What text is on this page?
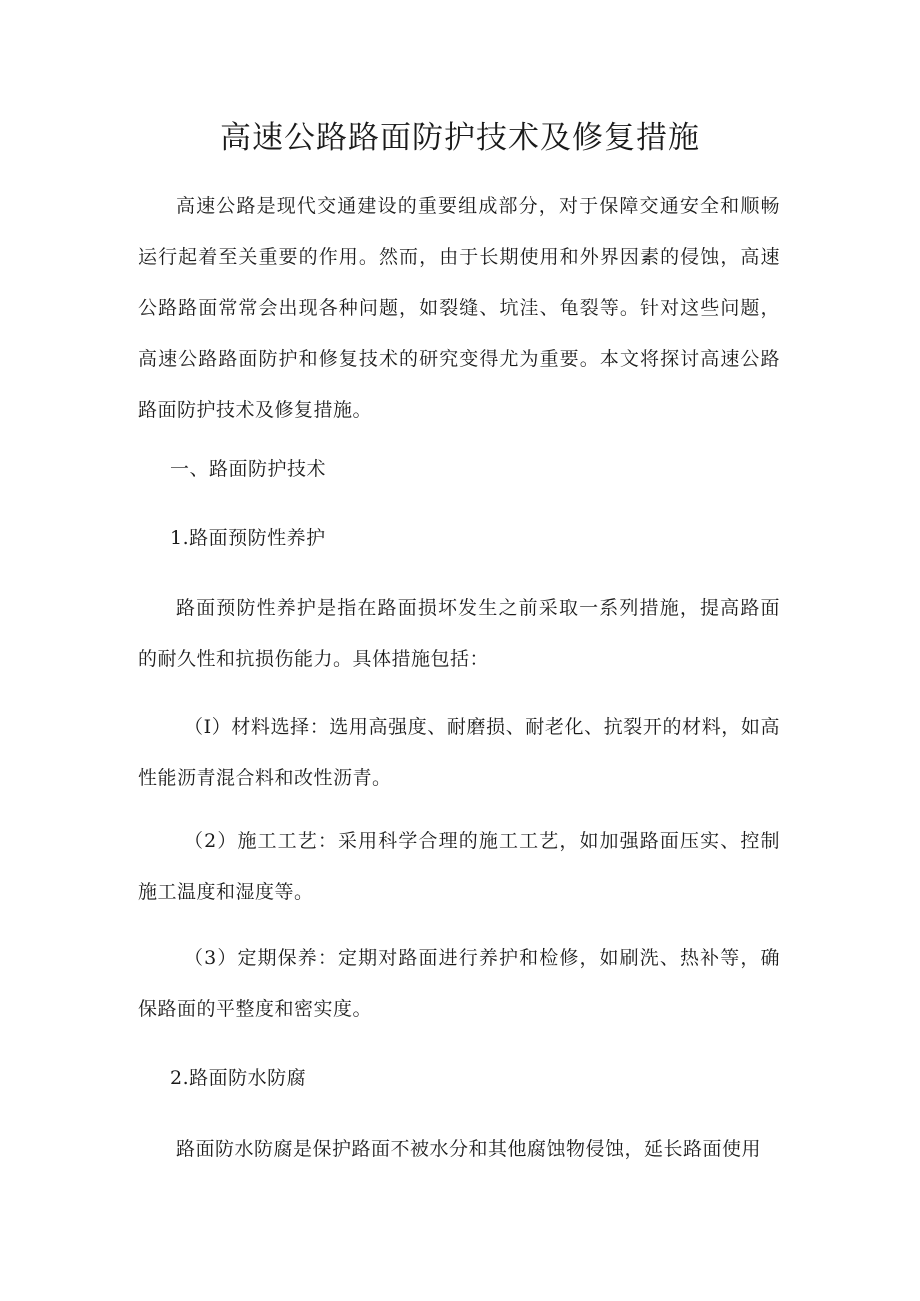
高速公路路面防护技术及修复措施

高速公路是现代交通建设的重要组成部分，对于保障交通安全和顺畅运行起着至关重要的作用。然而，由于长期使用和外界因素的侵蚀，高速公路路面常常会出现各种问题，如裂缝、坑洼、龟裂等。针对这些问题，高速公路路面防护和修复技术的研究变得尤为重要。本文将探讨高速公路路面防护技术及修复措施。

一、路面防护技术
1.路面预防性养护

路面预防性养护是指在路面损坏发生之前采取一系列措施，提高路面的耐久性和抗损伤能力。具体措施包括：

（I）材料选择：选用高强度、耐磨损、耐老化、抗裂开的材料，如高性能沥青混合料和改性沥青。

（2）施工工艺：采用科学合理的施工工艺，如加强路面压实、控制施工温度和湿度等。

（3）定期保养：定期对路面进行养护和检修，如刷洗、热补等，确保路面的平整度和密实度。

2.路面防水防腐

路面防水防腐是保护路面不被水分和其他腐蚀物侵蚀，延长路面使用
